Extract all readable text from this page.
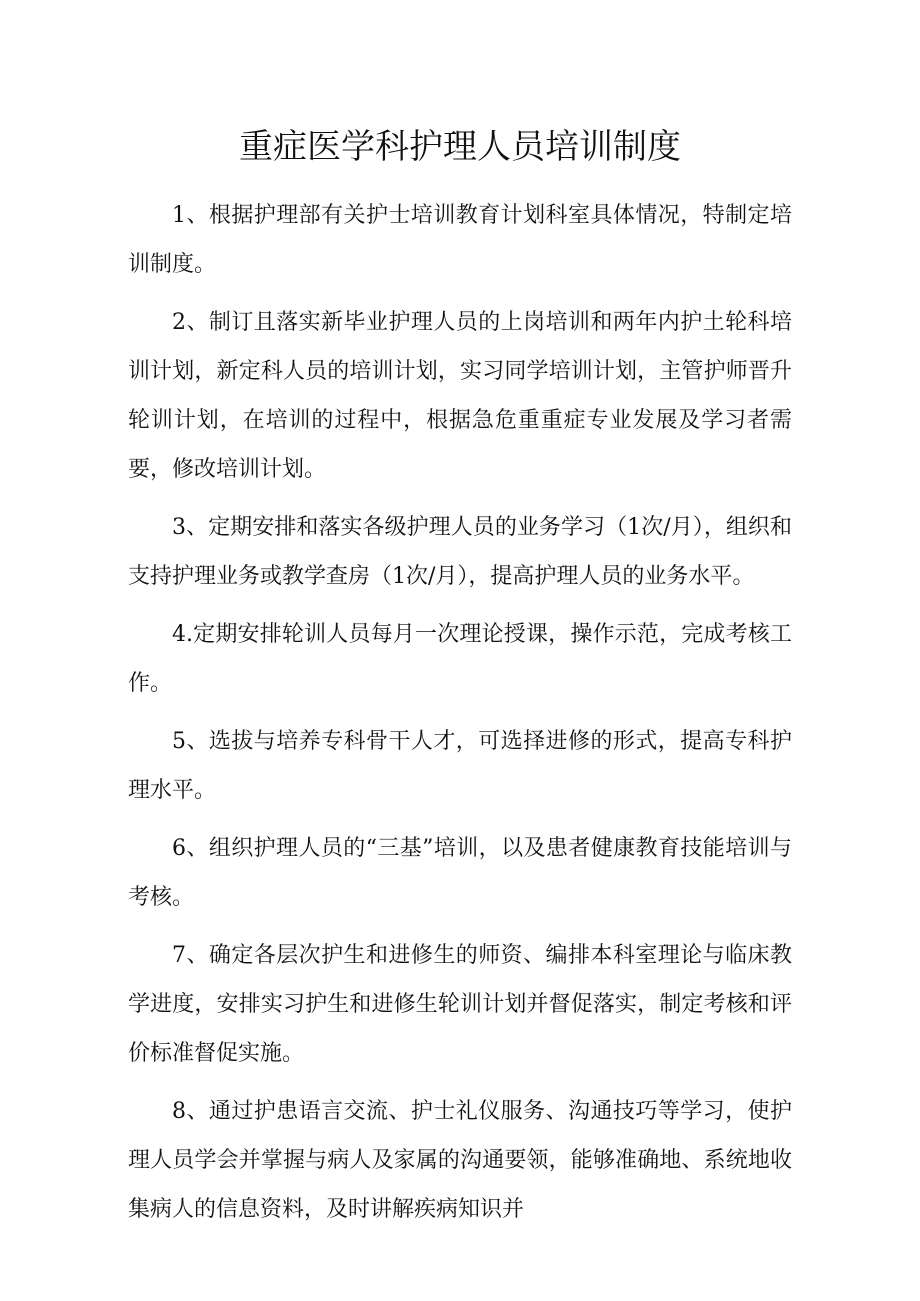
重症医学科护理人员培训制度

1、根据护理部有关护士培训教育计划科室具体情况，特制定培训制度。

2、制订且落实新毕业护理人员的上岗培训和两年内护土轮科培训计划，新定科人员的培训计划，实习同学培训计划，主管护师晋升轮训计划，在培训的过程中，根据急危重重症专业发展及学习者需要，修改培训计划。

3、定期安排和落实各级护理人员的业务学习（1次/月），组织和支持护理业务或教学查房（1次/月），提高护理人员的业务水平。

4.定期安排轮训人员每月一次理论授课，操作示范，完成考核工作。

5、选拔与培养专科骨干人才，可选择进修的形式，提高专科护理水平。

6、组织护理人员的“三基”培训，以及患者健康教育技能培训与考核。

7、确定各层次护生和进修生的师资、编排本科室理论与临床教学进度，安排实习护生和进修生轮训计划并督促落实，制定考核和评价标准督促实施。

8、通过护患语言交流、护士礼仪服务、沟通技巧等学习，使护理人员学会并掌握与病人及家属的沟通要领，能够准确地、系统地收集病人的信息资料，及时讲解疾病知识并
